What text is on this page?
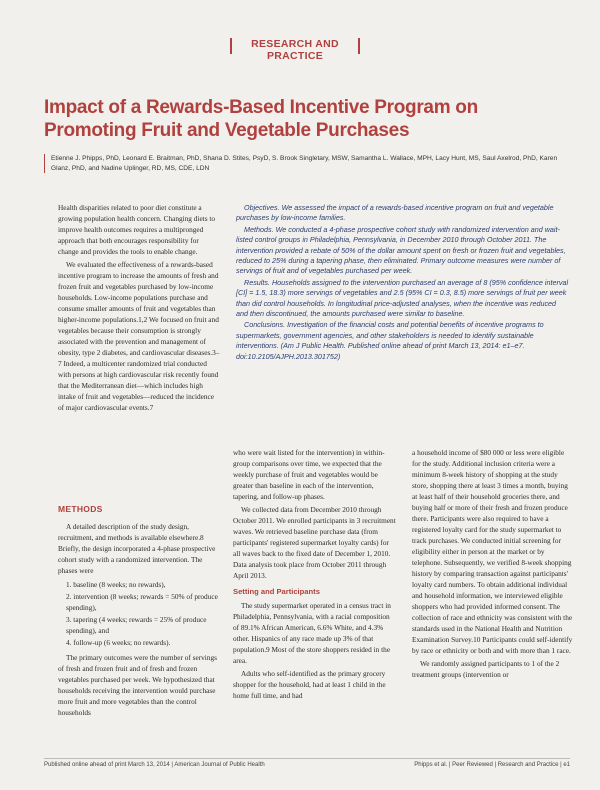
RESEARCH AND PRACTICE
Impact of a Rewards-Based Incentive Program on Promoting Fruit and Vegetable Purchases
Etienne J. Phipps, PhD, Leonard E. Braitman, PhD, Shana D. Stites, PsyD, S. Brook Singletary, MSW, Samantha L. Wallace, MPH, Lacy Hunt, MS, Saul Axelrod, PhD, Karen Glanz, PhD, and Nadine Uplinger, RD, MS, CDE, LDN

Health disparities related to poor diet constitute a growing population health concern. Changing diets to improve health outcomes requires a multipronged approach that both encourages responsibility for change and provides the tools to enable change.

We evaluated the effectiveness of a rewards-based incentive program to increase the amounts of fresh and frozen fruit and vegetables purchased by low-income households. Low-income populations purchase and consume smaller amounts of fruit and vegetables than higher-income populations.1,2 We focused on fruit and vegetables because their consumption is strongly associated with the prevention and management of obesity, type 2 diabetes, and cardiovascular diseases.3–7 Indeed, a multicenter randomized trial conducted with persons at high cardiovascular risk recently found that the Mediterranean diet—which includes high intake of fruit and vegetables—reduced the incidence of major cardiovascular events.7

Objectives. We assessed the impact of a rewards-based incentive program on fruit and vegetable purchases by low-income families.

Methods. We conducted a 4-phase prospective cohort study with randomized intervention and wait-listed control groups in Philadelphia, Pennsylvania, in December 2010 through October 2011. The intervention provided a rebate of 50% of the dollar amount spent on fresh or frozen fruit and vegetables, reduced to 25% during a tapering phase, then eliminated. Primary outcome measures were number of servings of fruit and of vegetables purchased per week.

Results. Households assigned to the intervention purchased an average of 8 (95% confidence interval [CI] = 1.5, 18.3) more servings of vegetables and 2.5 (95% CI = 0.3, 8.5) more servings of fruit per week than did control households. In longitudinal price-adjusted analyses, when the incentive was reduced and then discontinued, the amounts purchased were similar to baseline.

Conclusions. Investigation of the financial costs and potential benefits of incentive programs to supermarkets, government agencies, and other stakeholders is needed to identify sustainable interventions. (Am J Public Health. Published online ahead of print March 13, 2014: e1–e7. doi:10.2105/AJPH.2013.301752)

METHODS

A detailed description of the study design, recruitment, and methods is available elsewhere.8 Briefly, the design incorporated a 4-phase prospective cohort study with a randomized intervention. The phases were

1. baseline (8 weeks; no rewards),
2. intervention (8 weeks; rewards = 50% of produce spending),
3. tapering (4 weeks; rewards = 25% of produce spending), and
4. follow-up (6 weeks; no rewards).

The primary outcomes were the number of servings of fresh and frozen fruit and of fresh and frozen vegetables purchased per week. We hypothesized that households receiving the intervention would purchase more fruit and more vegetables than the control households

who were wait listed for the intervention) in within-group comparisons over time, we expected that the weekly purchase of fruit and vegetables would be greater than baseline in each of the intervention, tapering, and follow-up phases.

We collected data from December 2010 through October 2011. We enrolled participants in 3 recruitment waves. We retrieved baseline purchase data (from participants' registered supermarket loyalty cards) for all waves back to the fixed date of December 1, 2010. Data analysis took place from October 2011 through April 2013.

Setting and Participants

The study supermarket operated in a census tract in Philadelphia, Pennsylvania, with a racial composition of 89.1% African American, 6.6% White, and 4.3% other. Hispanics of any race made up 3% of that population.9 Most of the store shoppers resided in the area.

Adults who self-identified as the primary grocery shopper for the household, had at least 1 child in the home full time, and had

a household income of $80 000 or less were eligible for the study. Additional inclusion criteria were a minimum 8-week history of shopping at the study store, shopping there at least 3 times a month, buying at least half of their household groceries there, and buying half or more of their fresh and frozen produce there. Participants were also required to have a registered loyalty card for the study supermarket to track purchases. We conducted initial screening for eligibility either in person at the market or by telephone. Subsequently, we verified 8-week shopping history by comparing transaction against participants' loyalty card numbers. To obtain additional individual and household information, we interviewed eligible shoppers who had provided informed consent. The collection of race and ethnicity was consistent with the standards used in the National Health and Nutrition Examination Survey.10 Participants could self-identify by race or ethnicity or both and with more than 1 race.

We randomly assigned participants to 1 of the 2 treatment groups (intervention or

Published online ahead of print March 13, 2014 | American Journal of Public Health	Phipps et al. | Peer Reviewed | Research and Practice | e1
